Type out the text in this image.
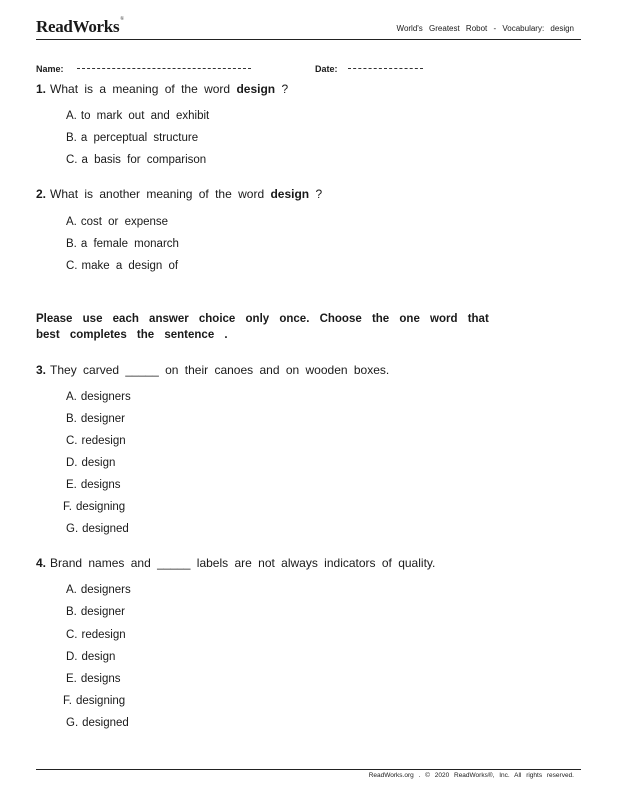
ReadWorks®
World's Greatest Robot - Vocabulary: design
Name:	Date:
1. What is a meaning of the word design ?
A. to mark out and exhibit
B. a perceptual structure
C. a basis for comparison
2. What is another meaning of the word design ?
A. cost or expense
B. a female monarch
C. make a design of
Please use each answer choice only once. Choose the one word that best completes the sentence .
3. They carved _____ on their canoes and on wooden boxes.
A. designers
B. designer
C. redesign
D. design
E. designs
F. designing
G. designed
4. Brand names and _____ labels are not always indicators of quality.
A. designers
B. designer
C. redesign
D. design
E. designs
F. designing
G. designed
ReadWorks.org . © 2020 ReadWorks®, Inc. All rights reserved.
